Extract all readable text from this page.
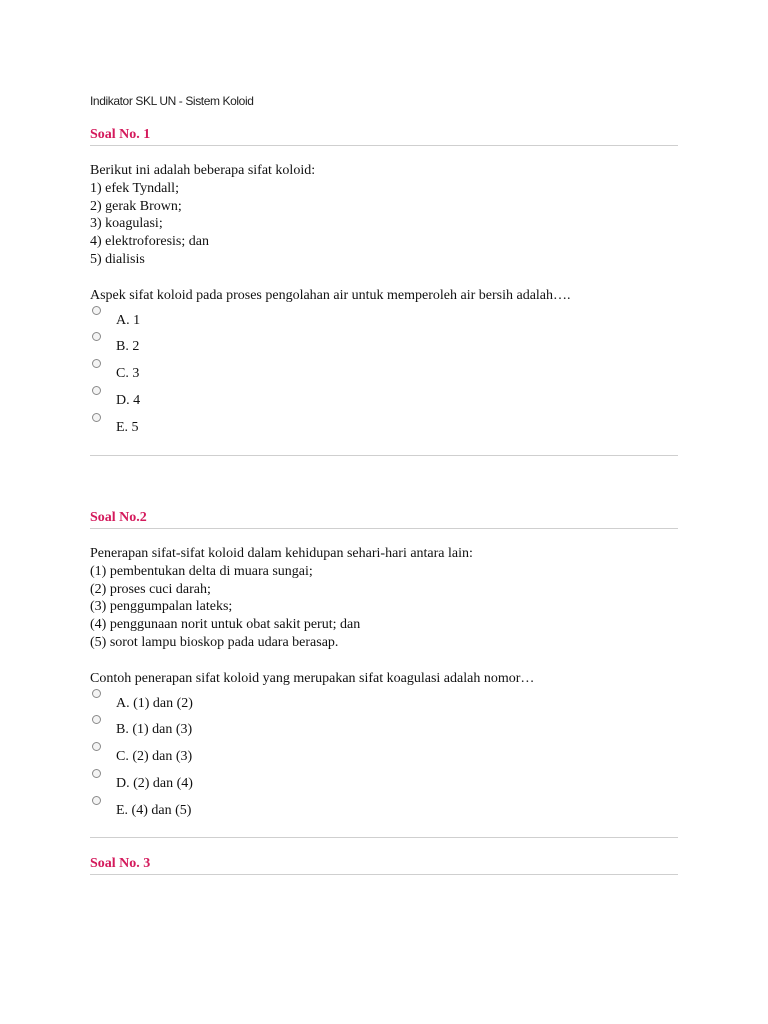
Indikator SKL UN - Sistem Koloid
Soal No. 1
Berikut ini adalah beberapa sifat koloid:
1) efek Tyndall;
2) gerak Brown;
3) koagulasi;
4) elektroforesis; dan
5) dialisis
Aspek sifat koloid pada proses pengolahan air untuk memperoleh air bersih adalah….
A. 1
B. 2
C. 3
D. 4
E. 5
Soal No.2
Penerapan sifat-sifat koloid dalam kehidupan sehari-hari antara lain:
(1) pembentukan delta di muara sungai;
(2) proses cuci darah;
(3) penggumpalan lateks;
(4) penggunaan norit untuk obat sakit perut; dan
(5) sorot lampu bioskop pada udara berasap.
Contoh penerapan sifat koloid yang merupakan sifat koagulasi adalah nomor…
A. (1) dan (2)
B. (1) dan (3)
C. (2) dan (3)
D. (2) dan (4)
E. (4) dan (5)
Soal No. 3
